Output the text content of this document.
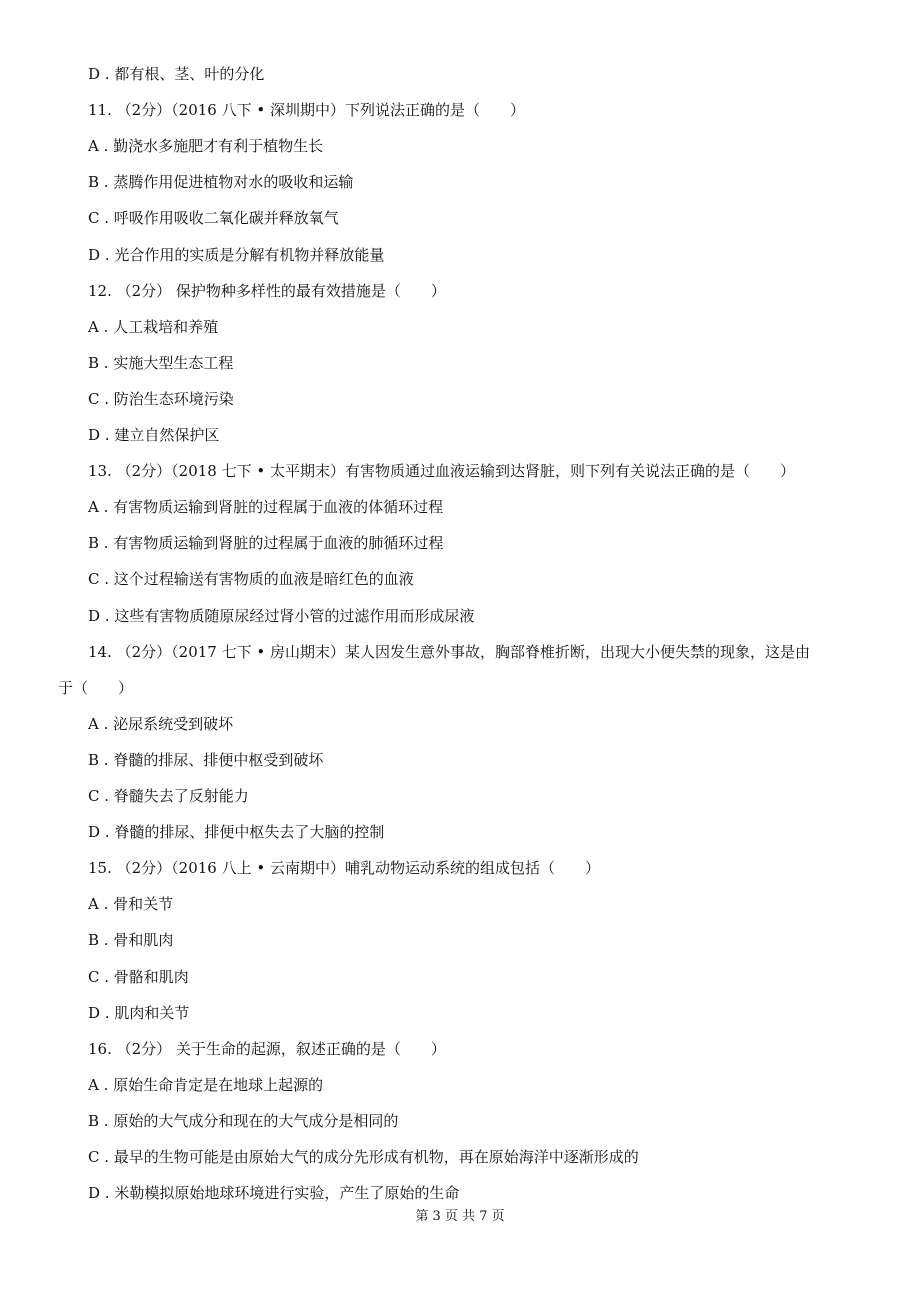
D . 都有根、茎、叶的分化
11. （2分）（2016 八下 • 深圳期中）下列说法正确的是（　　）
A . 勤浇水多施肥才有利于植物生长
B . 蒸腾作用促进植物对水的吸收和运输
C . 呼吸作用吸收二氧化碳并释放氧气
D . 光合作用的实质是分解有机物并释放能量
12. （2分） 保护物种多样性的最有效措施是（　　）
A . 人工栽培和养殖
B . 实施大型生态工程
C . 防治生态环境污染
D . 建立自然保护区
13. （2分）（2018 七下 • 太平期末）有害物质通过血液运输到达肾脏，则下列有关说法正确的是（　　）
A . 有害物质运输到肾脏的过程属于血液的体循环过程
B . 有害物质运输到肾脏的过程属于血液的肺循环过程
C . 这个过程输送有害物质的血液是暗红色的血液
D . 这些有害物质随原尿经过肾小管的过滤作用而形成尿液
14. （2分）（2017 七下 • 房山期末）某人因发生意外事故，胸部脊椎折断，出现大小便失禁的现象，这是由
于（　　）
A . 泌尿系统受到破坏
B . 脊髓的排尿、排便中枢受到破坏
C . 脊髓失去了反射能力
D . 脊髓的排尿、排便中枢失去了大脑的控制
15. （2分）（2016 八上 • 云南期中）哺乳动物运动系统的组成包括（　　）
A . 骨和关节
B . 骨和肌肉
C . 骨骼和肌肉
D . 肌肉和关节
16. （2分） 关于生命的起源，叙述正确的是（　　）
A . 原始生命肯定是在地球上起源的
B . 原始的大气成分和现在的大气成分是相同的
C . 最早的生物可能是由原始大气的成分先形成有机物，再在原始海洋中逐渐形成的
D . 米勒模拟原始地球环境进行实验，产生了原始的生命
第 3 页 共 7 页
